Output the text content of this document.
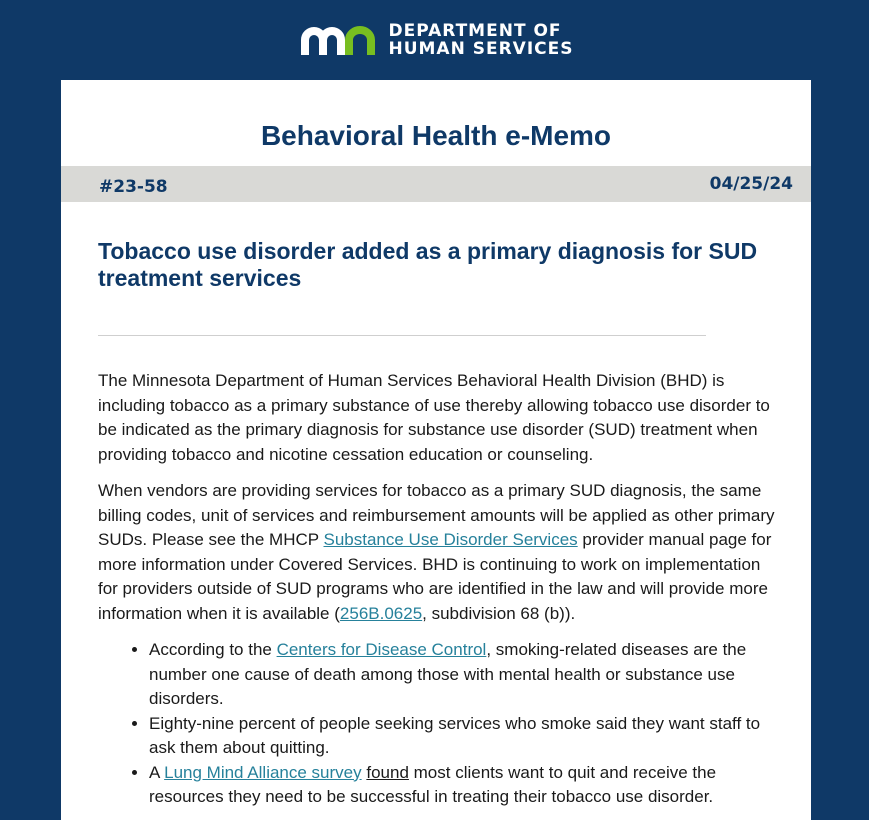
DEPARTMENT OF
HUMAN SERVICES
Behavioral Health e-Memo
#23-58	04/25/24
Tobacco use disorder added as a primary diagnosis for SUD treatment services

The Minnesota Department of Human Services Behavioral Health Division (BHD) is including tobacco as a primary substance of use thereby allowing tobacco use disorder to be indicated as the primary diagnosis for substance use disorder (SUD) treatment when providing tobacco and nicotine cessation education or counseling.

When vendors are providing services for tobacco as a primary SUD diagnosis, the same billing codes, unit of services and reimbursement amounts will be applied as other primary SUDs. Please see the MHCP Substance Use Disorder Services provider manual page for more information under Covered Services. BHD is continuing to work on implementation for providers outside of SUD programs who are identified in the law and will provide more information when it is available (256B.0625, subdivision 68 (b)).

• According to the Centers for Disease Control, smoking-related diseases are the number one cause of death among those with mental health or substance use disorders.
• Eighty-nine percent of people seeking services who smoke said they want staff to ask them about quitting.
• A Lung Mind Alliance survey found most clients want to quit and receive the resources they need to be successful in treating their tobacco use disorder.
